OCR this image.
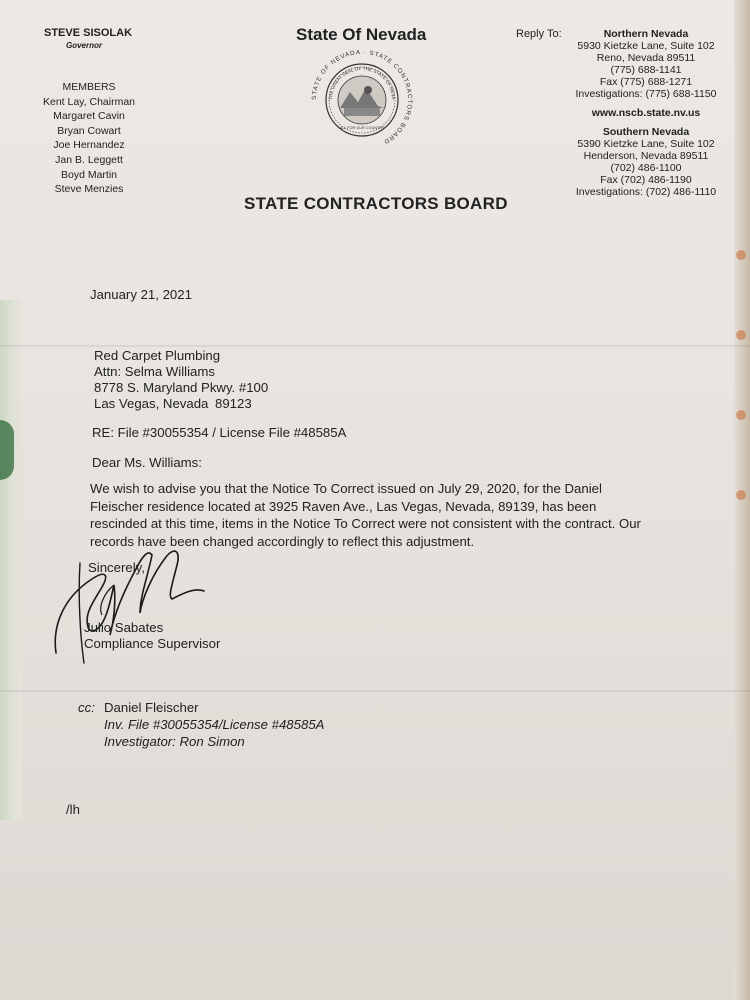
STEVE SISOLAK
Governor
MEMBERS
Kent Lay, Chairman
Margaret Cavin
Bryan Cowart
Joe Hernandez
Jan B. Leggett
Boyd Martin
Steve Menzies
State Of Nevada
STATE OF NEVADA · STATE CONTRACTORS BOARD
THE GREAT SEAL OF THE STATE OF NEVA
ALL FOR OUR COUNTRY
Reply To:	Northern Nevada
5930 Kietzke Lane, Suite 102
Reno, Nevada 89511
(775) 688-1141
Fax (775) 688-1271
Investigations: (775) 688-1150
www.nscb.state.nv.us
Southern Nevada
5390 Kietzke Lane, Suite 102
Henderson, Nevada 89511
(702) 486-1100
Fax (702) 486-1190
Investigations: (702) 486-1110
STATE CONTRACTORS BOARD
January 21, 2021
Red Carpet Plumbing
Attn: Selma Williams
8778 S. Maryland Pkwy. #100
Las Vegas, Nevada 89123
RE: File #30055354 / License File #48585A
Dear Ms. Williams:
We wish to advise you that the Notice To Correct issued on July 29, 2020, for the Daniel
Fleischer residence located at 3925 Raven Ave., Las Vegas, Nevada, 89139, has been
rescinded at this time, items in the Notice To Correct were not consistent with the contract. Our
records have been changed accordingly to reflect this adjustment.
Sincerely,
Julio Sabates
Compliance Supervisor
cc: Daniel Fleischer
Inv. File #30055354/License #48585A
Investigator: Ron Simon
/lh
